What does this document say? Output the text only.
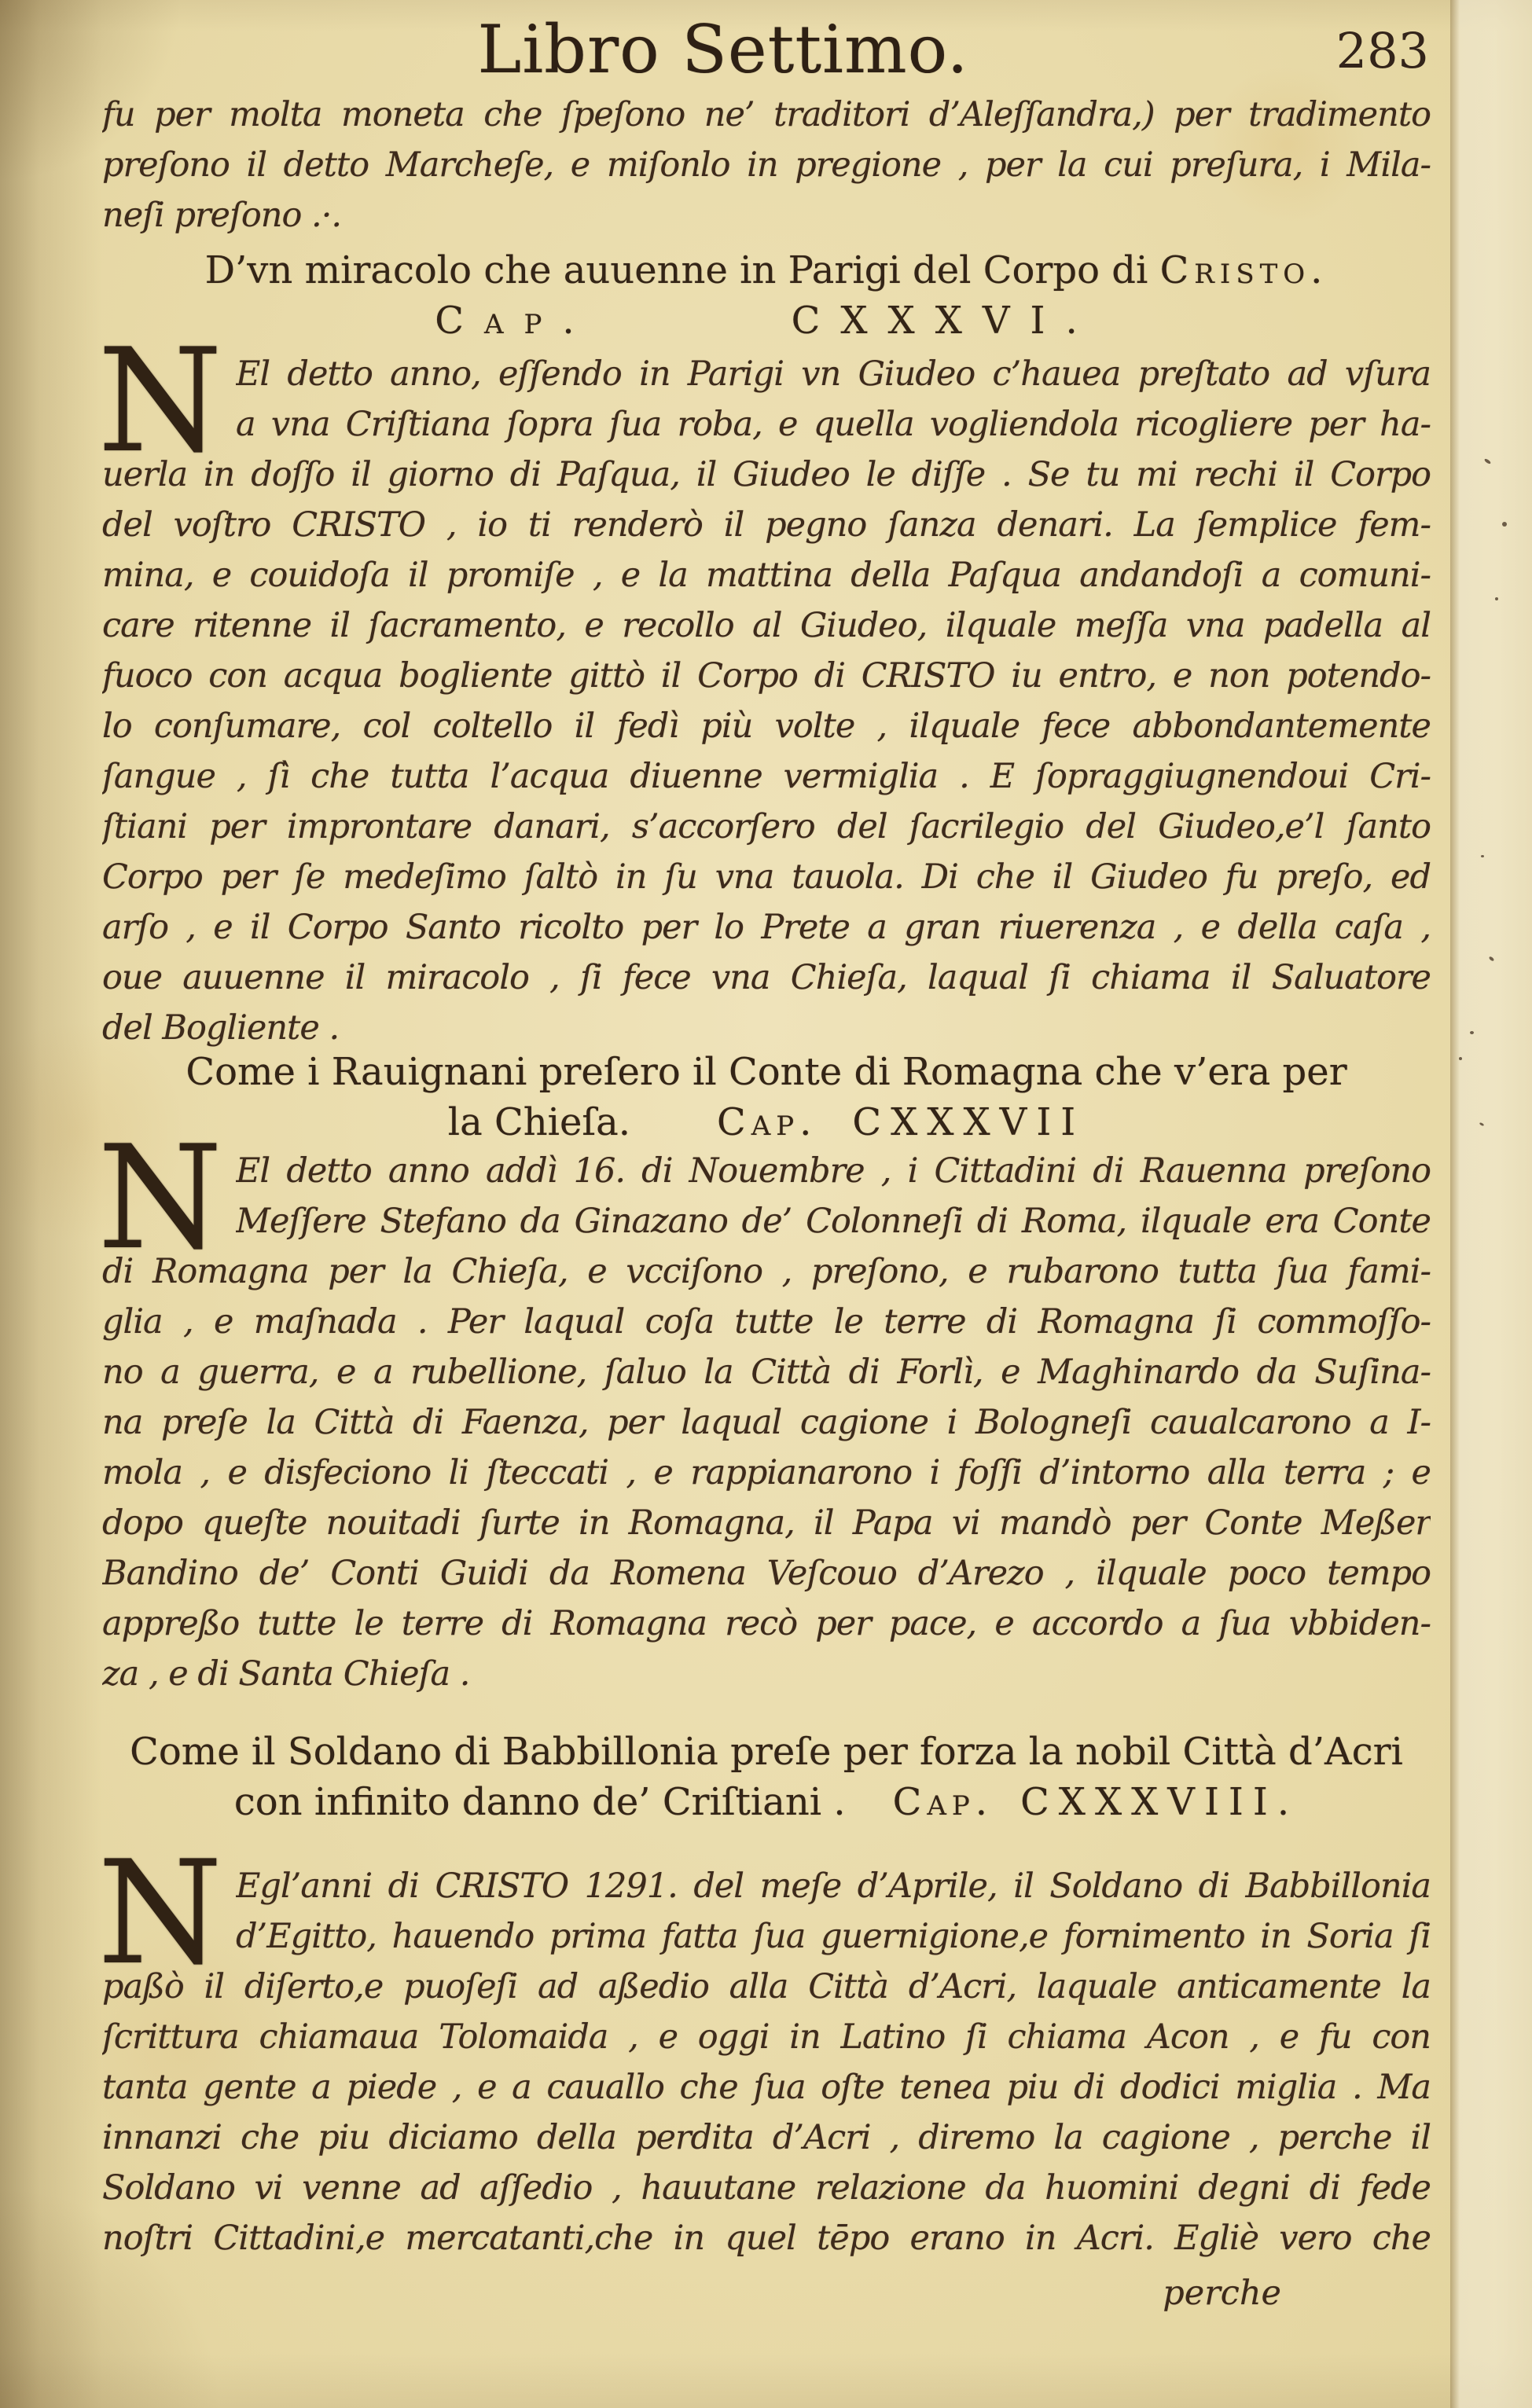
Libro Settimo.	283
fu per molta moneta che ſpeſono ne’ traditori d’Aleſſandra,) per tradimento
preſono il detto Marcheſe, e miſonlo in pregione , per la cui preſura, i Mila-
neſi preſono .·.
D’vn miracolo che auuenne in Parigi del Corpo di Cristo.
Cap.	CXXXVI.
N El detto anno, eſſendo in Parigi vn Giudeo c’hauea preſtato ad vſura
a vna Criſtiana ſopra ſua roba, e quella vogliendola ricogliere per ha-
uerla in doſſo il giorno di Paſqua, il Giudeo le diſſe . Se tu mi rechi il Corpo
del voſtro CRISTO , io ti renderò il pegno ſanza denari. La ſemplice fem-
mina, e couidoſa il promiſe , e la mattina della Paſqua andandoſi a comuni-
care ritenne il ſacramento, e recollo al Giudeo, ilquale meſſa vna padella al
fuoco con acqua bogliente gittò il Corpo di CRISTO iu entro, e non potendo-
lo conſumare, col coltello il fedì più volte , ilquale fece abbondantemente
ſangue , ſì che tutta l’acqua diuenne vermiglia . E ſopraggiugnendoui Cri-
ſtiani per improntare danari, s’accorſero del ſacrilegio del Giudeo,e’l ſanto
Corpo per ſe medeſimo ſaltò in ſu vna tauola. Di che il Giudeo fu preſo, ed
arſo , e il Corpo Santo ricolto per lo Prete a gran riuerenza , e della caſa ,
oue auuenne il miracolo , ſi fece vna Chieſa, laqual ſi chiama il Saluatore
del Bogliente .
Come i Rauignani preſero il Conte di Romagna che v’era per
la Chieſa. Cap. CXXXVII
N El detto anno addì 16. di Nouembre , i Cittadini di Rauenna preſono
Meſſere Stefano da Ginazano de’ Colonneſi di Roma, ilquale era Conte
di Romagna per la Chieſa, e vcciſono , preſono, e rubarono tutta ſua fami-
glia , e maſnada . Per laqual coſa tutte le terre di Romagna ſi commoſſo-
no a guerra, e a rubellione, ſaluo la Città di Forlì, e Maghinardo da Suſina-
na preſe la Città di Faenza, per laqual cagione i Bologneſi caualcarono a I-
mola , e disfeciono li ſteccati , e rappianarono i foſſi d’intorno alla terra ; e
dopo queſte nouitadi ſurte in Romagna, il Papa vi mandò per Conte Meßer
Bandino de’ Conti Guidi da Romena Veſcouo d’Arezo , ilquale poco tempo
appreßo tutte le terre di Romagna recò per pace, e accordo a ſua vbbiden-
za , e di Santa Chieſa .
Come il Soldano di Babbillonia preſe per forza la nobil Città d’Acri
con infinito danno de’ Criſtiani . Cap. CXXXVIII.
N Egl’anni di CRISTO 1291. del meſe d’Aprile, il Soldano di Babbillonia
d’Egitto, hauendo prima fatta ſua guernigione,e fornimento in Soria ſi
paßò il diſerto,e puoſeſi ad aßedio alla Città d’Acri, laquale anticamente la
ſcrittura chiamaua Tolomaida , e oggi in Latino ſi chiama Acon , e fu con
tanta gente a piede , e a cauallo che ſua oſte tenea piu di dodici miglia . Ma
innanzi che piu diciamo della perdita d’Acri , diremo la cagione , perche il
Soldano vi venne ad aſſedio , hauutane relazione da huomini degni di fede
noſtri Cittadini,e mercatanti,che in quel tēpo erano in Acri. Egliè vero che
perche
